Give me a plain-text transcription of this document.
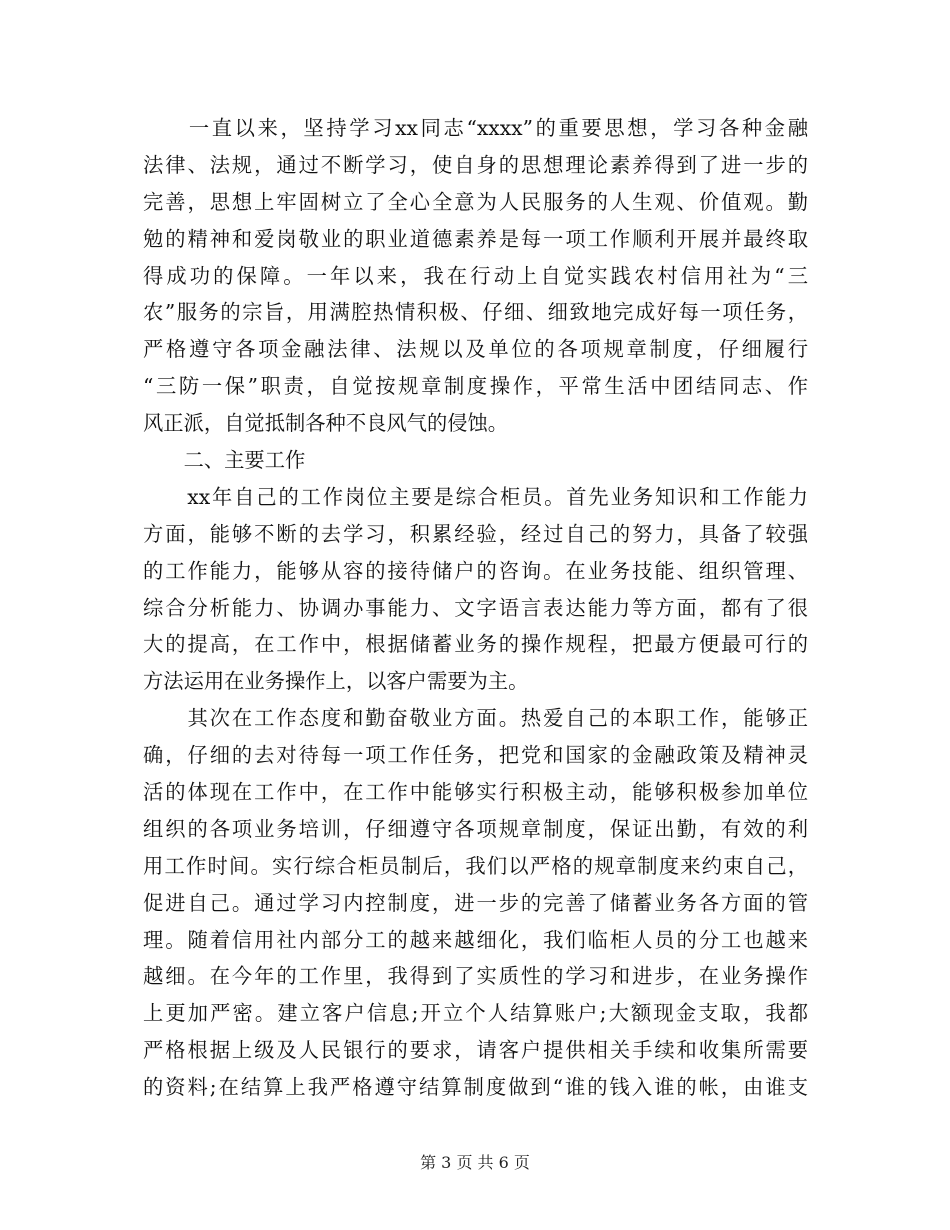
　　一直以来，坚持学习xx同志“xxxx”的重要思想，学习各种金融
法律、法规，通过不断学习，使自身的思想理论素养得到了进一步的
完善，思想上牢固树立了全心全意为人民服务的人生观、价值观。勤
勉的精神和爱岗敬业的职业道德素养是每一项工作顺利开展并最终取
得成功的保障。一年以来，我在行动上自觉实践农村信用社为“三
农”服务的宗旨，用满腔热情积极、仔细、细致地完成好每一项任务，
严格遵守各项金融法律、法规以及单位的各项规章制度，仔细履行
“三防一保”职责，自觉按规章制度操作，平常生活中团结同志、作
风正派，自觉抵制各种不良风气的侵蚀。
　　二、主要工作
　　xx年自己的工作岗位主要是综合柜员。首先业务知识和工作能力
方面，能够不断的去学习，积累经验，经过自己的努力，具备了较强
的工作能力，能够从容的接待储户的咨询。在业务技能、组织管理、
综合分析能力、协调办事能力、文字语言表达能力等方面，都有了很
大的提高，在工作中，根据储蓄业务的操作规程，把最方便最可行的
方法运用在业务操作上，以客户需要为主。
　　其次在工作态度和勤奋敬业方面。热爱自己的本职工作，能够正
确，仔细的去对待每一项工作任务，把党和国家的金融政策及精神灵
活的体现在工作中，在工作中能够实行积极主动，能够积极参加单位
组织的各项业务培训，仔细遵守各项规章制度，保证出勤，有效的利
用工作时间。实行综合柜员制后，我们以严格的规章制度来约束自己，
促进自己。通过学习内控制度，进一步的完善了储蓄业务各方面的管
理。随着信用社内部分工的越来越细化，我们临柜人员的分工也越来
越细。在今年的工作里，我得到了实质性的学习和进步，在业务操作
上更加严密。建立客户信息;开立个人结算账户;大额现金支取，我都
严格根据上级及人民银行的要求，请客户提供相关手续和收集所需要
的资料;在结算上我严格遵守结算制度做到“谁的钱入谁的帐，由谁支
第 3 页 共 6 页
